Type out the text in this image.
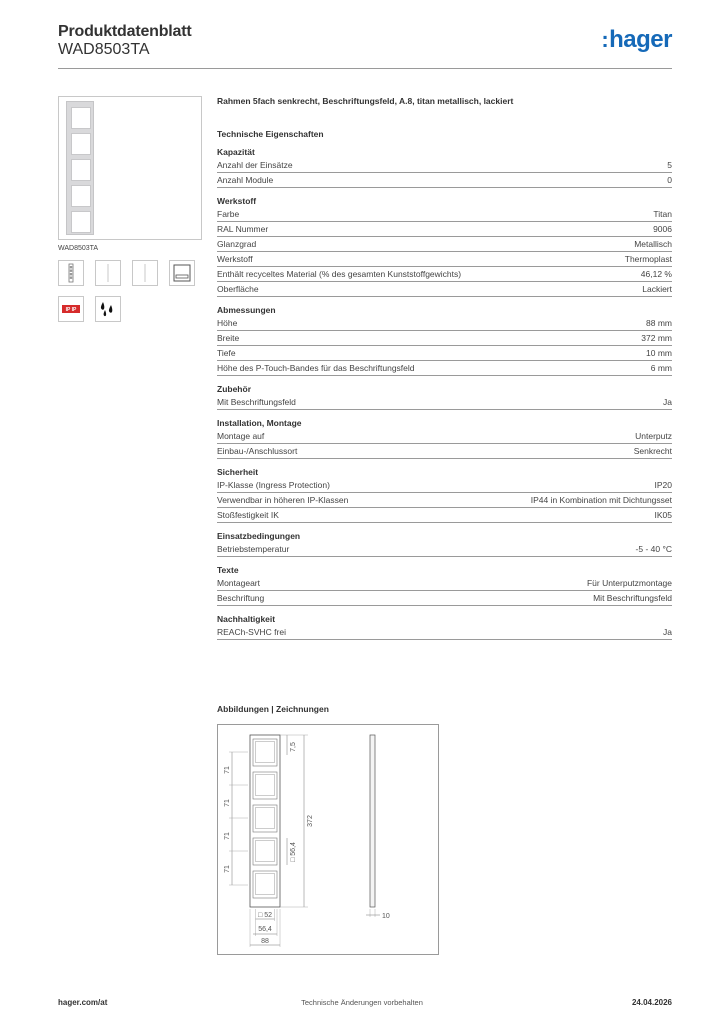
Produktdatenblatt
WAD8503TA	:hager
WAD8503TA
IP IP
Rahmen 5fach senkrecht, Beschriftungsfeld, A.8, titan metallisch, lackiert
Technische Eigenschaften
Kapazität
Anzahl der Einsätze	5
Anzahl Module	0
Werkstoff
Farbe	Titan
RAL Nummer	9006
Glanzgrad	Metallisch
Werkstoff	Thermoplast
Enthält recyceltes Material (% des gesamten Kunststoffgewichts)	46,12 %
Oberfläche	Lackiert
Abmessungen
Höhe	88 mm
Breite	372 mm
Tiefe	10 mm
Höhe des P-Touch-Bandes für das Beschriftungsfeld	6 mm
Zubehör
Mit Beschriftungsfeld	Ja
Installation, Montage
Montage auf	Unterputz
Einbau-/Anschlussort	Senkrecht
Sicherheit
IP-Klasse (Ingress Protection)	IP20
Verwendbar in höheren IP-Klassen	IP44 in Kombination mit Dichtungsset
Stoßfestigkeit IK	IK05
Einsatzbedingungen
Betriebstemperatur	-5 - 40 °C
Texte
Montageart	Für Unterputzmontage
Beschriftung	Mit Beschriftungsfeld
Nachhaltigkeit
REACh-SVHC frei	Ja
Abbildungen | Zeichnungen
71
71
71
71
7,5
□ 56,4
372
□ 52
56,4
88
10
hager.com/at	Technische Änderungen vorbehalten	24.04.2026
